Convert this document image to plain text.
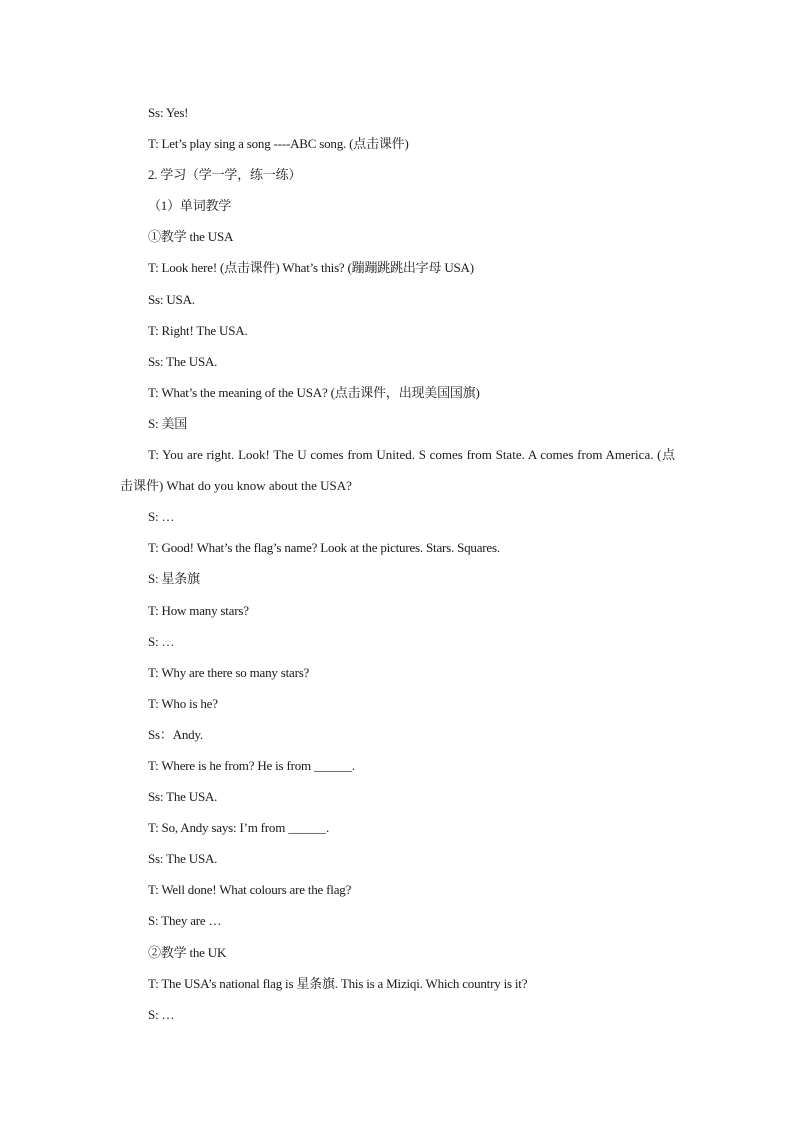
Ss: Yes!
T: Let’s play sing a song ----ABC song. (点击课件)
2. 学习（学一学，练一练）
（1）单词教学
①教学 the USA
T: Look here! (点击课件) What’s this? (蹦蹦跳跳出字母 USA)
Ss: USA.
T: Right! The USA.
Ss: The USA.
T: What’s the meaning of the USA? (点击课件，出现美国国旗)
S: 美国
T: You are right. Look! The U comes from United. S comes from State. A comes from America. (点击课件) What do you know about the USA?
S: …
T: Good! What’s the flag’s name? Look at the pictures. Stars. Squares.
S: 星条旗
T: How many stars?
S: …
T: Why are there so many stars?
T: Who is he?
Ss：Andy.
T: Where is he from? He is from ______.
Ss: The USA.
T: So, Andy says: I’m from ______.
Ss: The USA.
T: Well done! What colours are the flag?
S: They are …
②教学 the UK
T: The USA’s national flag is 星条旗. This is a Miziqi. Which country is it?
S: …
